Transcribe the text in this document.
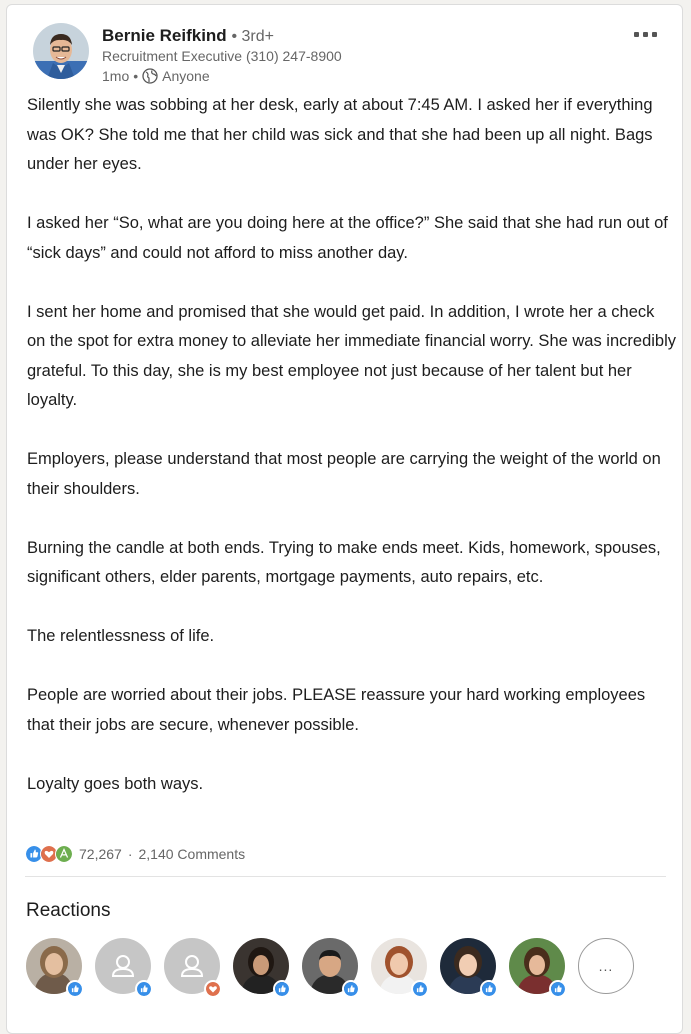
Bernie Reifkind • 3rd+
Recruitment Executive (310) 247-8900
1mo • Anyone

Silently she was sobbing at her desk, early at about 7:45 AM. I asked her if everything was OK? She told me that her child was sick and that she had been up all night. Bags under her eyes.

I asked her “So, what are you doing here at the office?” She said that she had run out of “sick days” and could not afford to miss another day.

I sent her home and promised that she would get paid. In addition, I wrote her a check on the spot for extra money to alleviate her immediate financial worry. She was incredibly grateful. To this day, she is my best employee not just because of her talent but her loyalty.

Employers, please understand that most people are carrying the weight of the world on their shoulders.

Burning the candle at both ends. Trying to make ends meet. Kids, homework, spouses, significant others, elder parents, mortgage payments, auto repairs, etc.

The relentlessness of life.

People are worried about their jobs. PLEASE reassure your hard working employees that their jobs are secure, whenever possible.

Loyalty goes both ways.

72,267 · 2,140 Comments
Reactions
...
